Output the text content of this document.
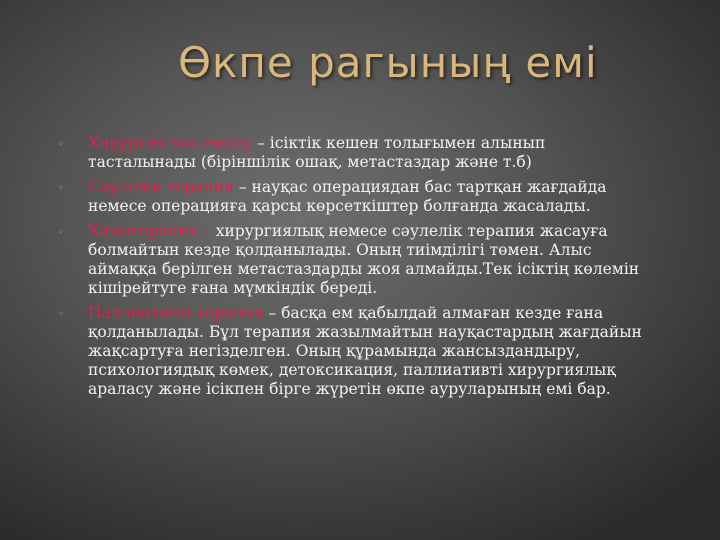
Өкпе рагының емі
◦ Хирургиялық емдеу – ісіктік кешен толығымен алынып тасталынады (біріншілік ошақ, метастаздар және т.б)
◦ Сәулелік терапия – науқас операциядан бас тартқан жағдайда немесе операцияға қарсы көрсеткіштер болғанда жасалады.
◦ Химотерапия – хирургиялық немесе сәулелік терапия жасауға болмайтын кезде қолданылады. Оның тиімділігі төмен. Алыс аймаққа берілген метастаздарды жоя алмайды.Тек ісіктің көлемін кішірейтуге ғана мүмкіндік береді.
◦ Паллиативті терапия – басқа ем қабылдай алмаған кезде ғана қолданылады. Бұл терапия жазылмайтын науқастардың жағдайын жақсартуға негізделген. Оның құрамында жансыздандыру, психологиядық көмек, детоксикация, паллиативті хирургиялық араласу және ісікпен бірге жүретін өкпе ауруларының емі бар.
